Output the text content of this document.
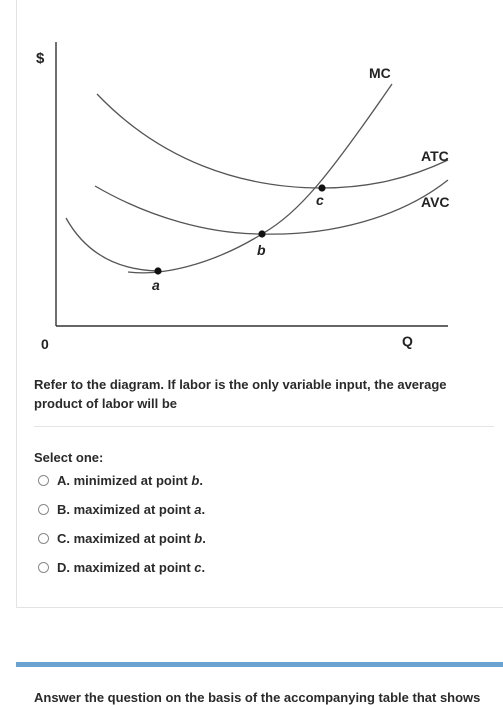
$
0	Q
MC
ATC
AVC
a
b
c
Refer to the diagram. If labor is the only variable input, the average product of labor will be
Select one:
A. minimized at point b.
B. maximized at point a.
C. maximized at point b.
D. maximized at point c.
Answer the question on the basis of the accompanying table that shows
